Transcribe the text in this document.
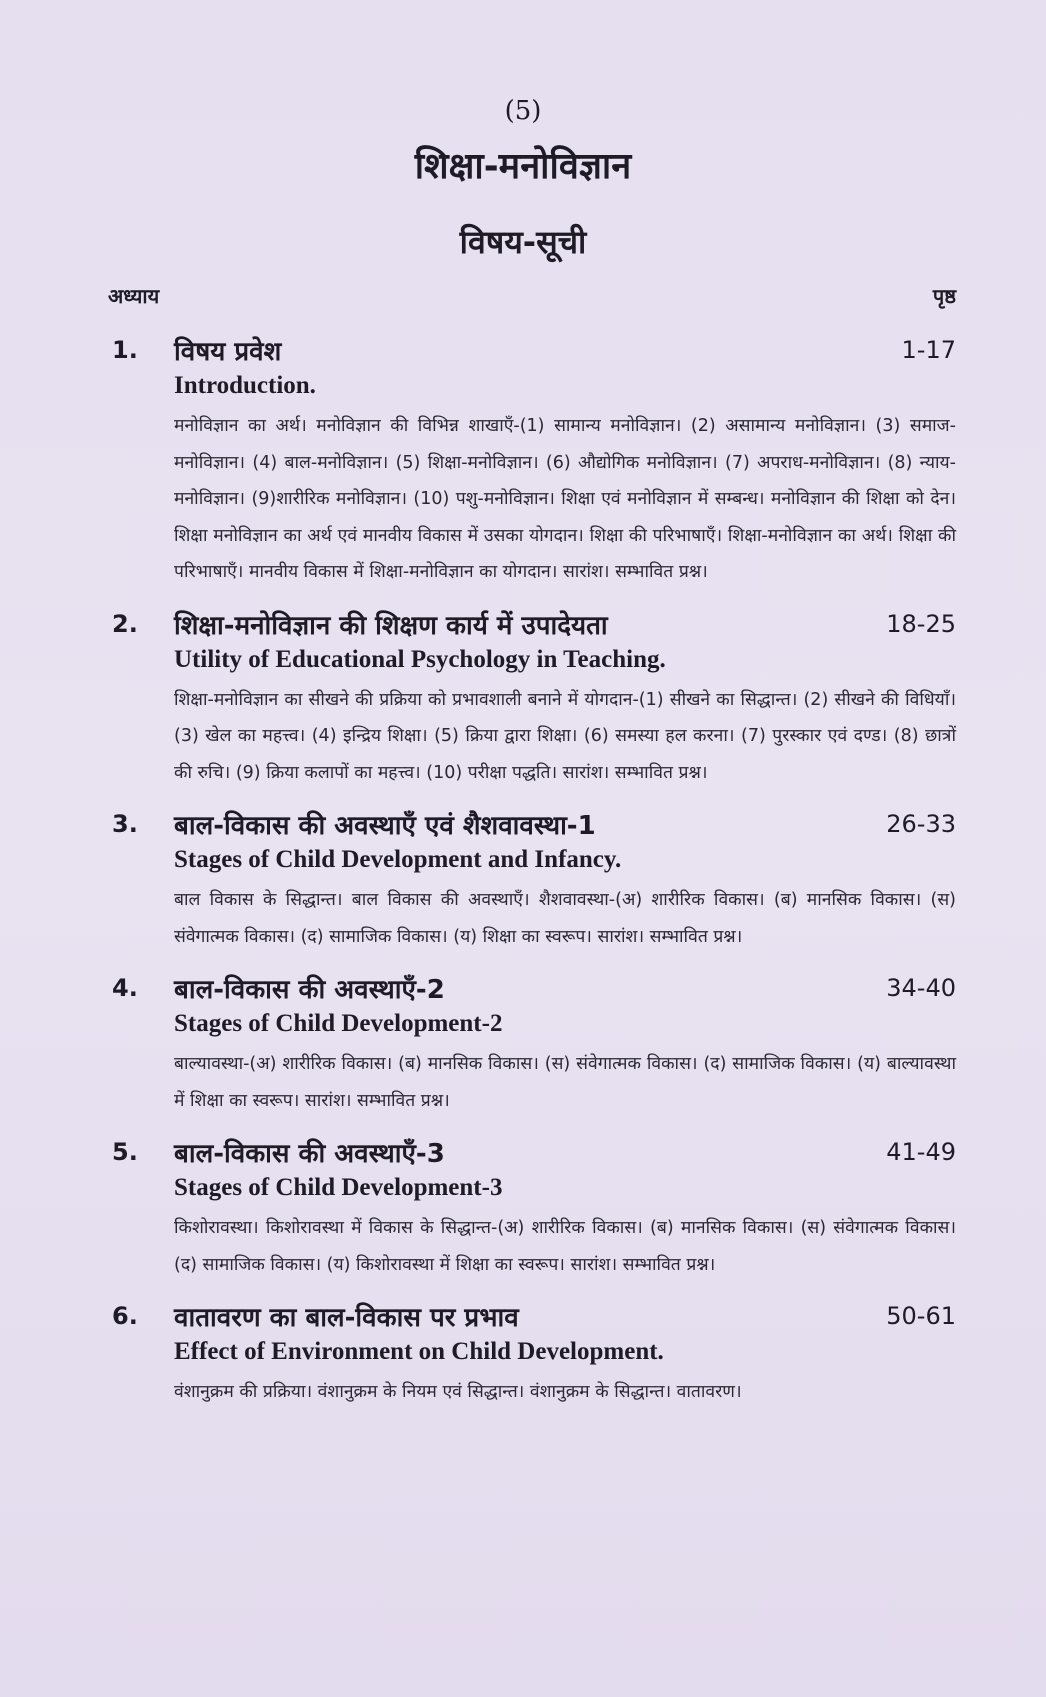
(5)
शिक्षा-मनोविज्ञान
विषय-सूची
अध्याय	पृष्ठ
1. विषय प्रवेश	1-17
Introduction.
मनोविज्ञान का अर्थ। मनोविज्ञान की विभिन्न शाखाएँ-(1) सामान्य मनोविज्ञान। (2) असामान्य मनोविज्ञान। (3) समाज-मनोविज्ञान। (4) बाल-मनोविज्ञान। (5) शिक्षा-मनोविज्ञान। (6) औद्योगिक मनोविज्ञान। (7) अपराध-मनोविज्ञान। (8) न्याय-मनोविज्ञान। (9)शारीरिक मनोविज्ञान। (10) पशु-मनोविज्ञान। शिक्षा एवं मनोविज्ञान में सम्बन्ध। मनोविज्ञान की शिक्षा को देन। शिक्षा मनोविज्ञान का अर्थ एवं मानवीय विकास में उसका योगदान। शिक्षा की परिभाषाएँ। शिक्षा-मनोविज्ञान का अर्थ। शिक्षा की परिभाषाएँ। मानवीय विकास में शिक्षा-मनोविज्ञान का योगदान। सारांश। सम्भावित प्रश्न।
2. शिक्षा-मनोविज्ञान की शिक्षण कार्य में उपादेयता	18-25
Utility of Educational Psychology in Teaching.
शिक्षा-मनोविज्ञान का सीखने की प्रक्रिया को प्रभावशाली बनाने में योगदान-(1) सीखने का सिद्धान्त। (2) सीखने की विधियाँ। (3) खेल का महत्त्व। (4) इन्द्रिय शिक्षा। (5) क्रिया द्वारा शिक्षा। (6) समस्या हल करना। (7) पुरस्कार एवं दण्ड। (8) छात्रों की रुचि। (9) क्रिया कलापों का महत्त्व। (10) परीक्षा पद्धति। सारांश। सम्भावित प्रश्न।
3. बाल-विकास की अवस्थाएँ एवं शैशवावस्था-1	26-33
Stages of Child Development and Infancy.
बाल विकास के सिद्धान्त। बाल विकास की अवस्थाएँ। शैशवावस्था-(अ) शारीरिक विकास। (ब) मानसिक विकास। (स) संवेगात्मक विकास। (द) सामाजिक विकास। (य) शिक्षा का स्वरूप। सारांश। सम्भावित प्रश्न।
4. बाल-विकास की अवस्थाएँ-2	34-40
Stages of Child Development-2
बाल्यावस्था-(अ) शारीरिक विकास। (ब) मानसिक विकास। (स) संवेगात्मक विकास। (द) सामाजिक विकास। (य) बाल्यावस्था में शिक्षा का स्वरूप। सारांश। सम्भावित प्रश्न।
5. बाल-विकास की अवस्थाएँ-3	41-49
Stages of Child Development-3
किशोरावस्था। किशोरावस्था में विकास के सिद्धान्त-(अ) शारीरिक विकास। (ब) मानसिक विकास। (स) संवेगात्मक विकास। (द) सामाजिक विकास। (य) किशोरावस्था में शिक्षा का स्वरूप। सारांश। सम्भावित प्रश्न।
6. वातावरण का बाल-विकास पर प्रभाव	50-61
Effect of Environment on Child Development.
वंशानुक्रम की प्रक्रिया। वंशानुक्रम के नियम एवं सिद्धान्त। वंशानुक्रम के सिद्धान्त। वातावरण।
